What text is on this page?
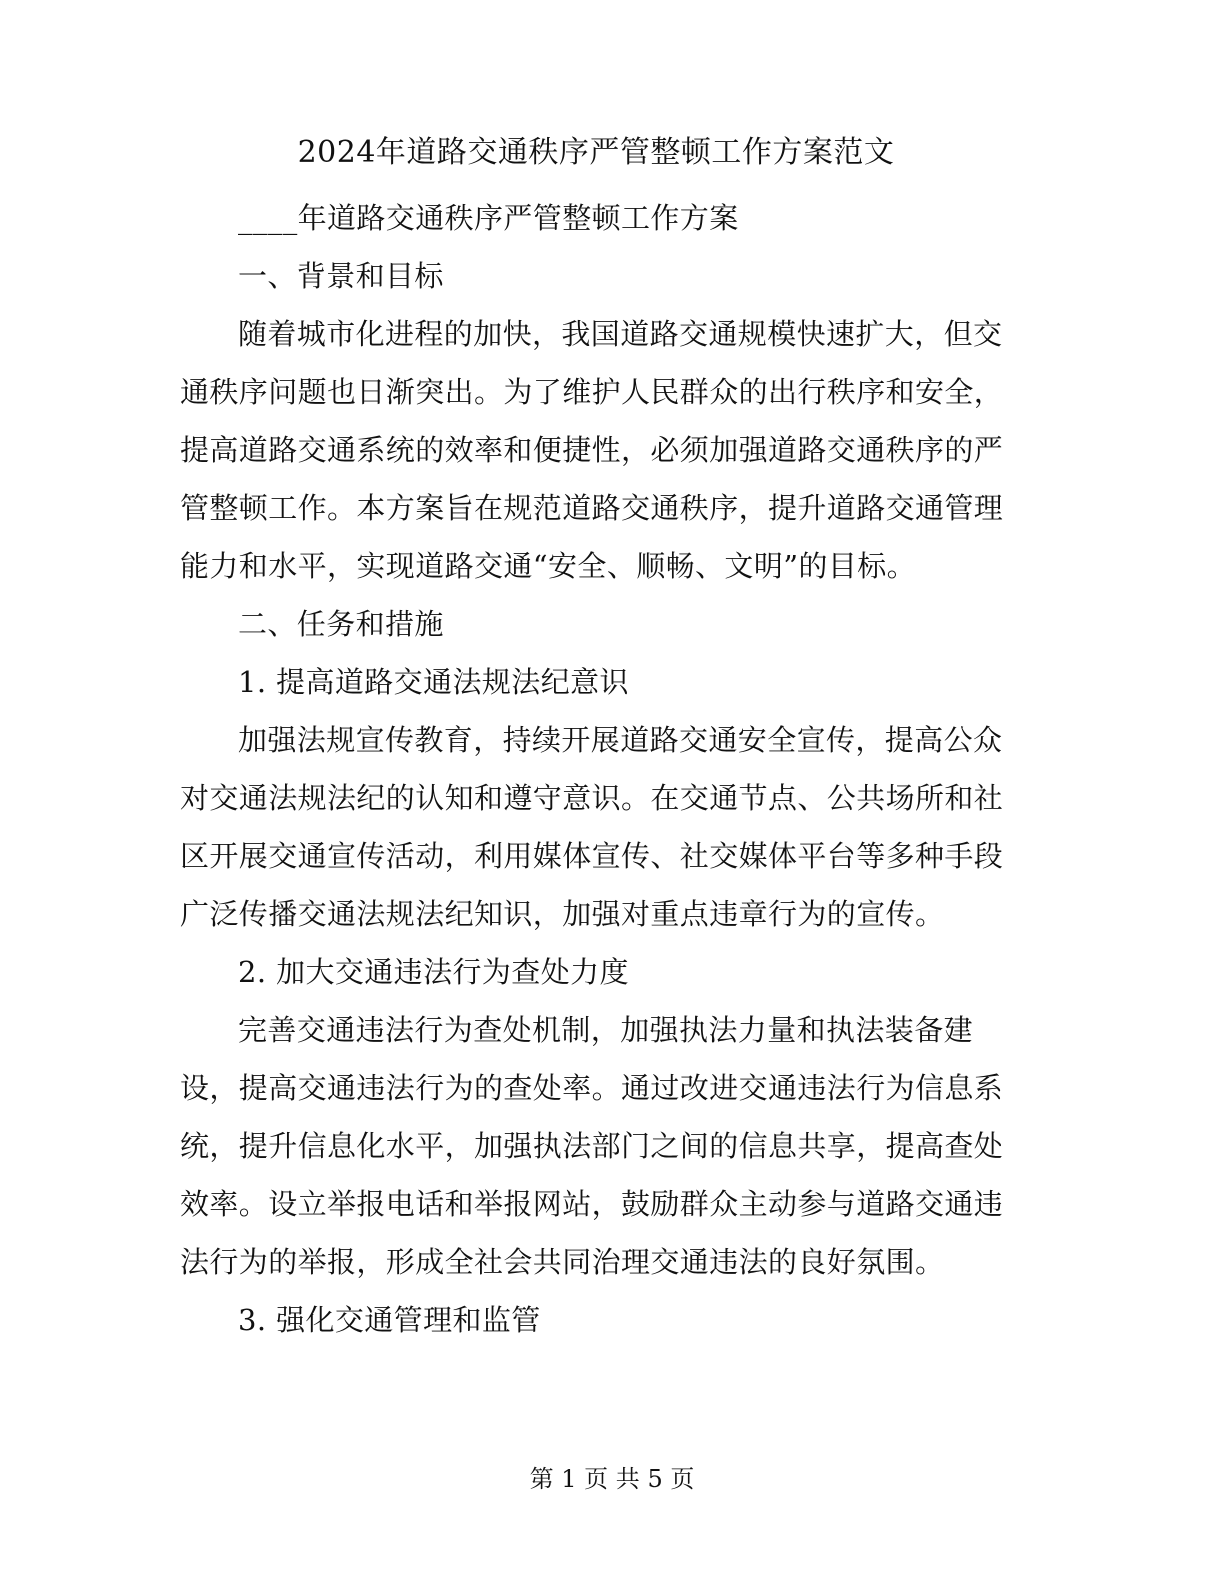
2024年道路交通秩序严管整顿工作方案范文
____年道路交通秩序严管整顿工作方案
一、背景和目标
随着城市化进程的加快，我国道路交通规模快速扩大，但交
通秩序问题也日渐突出。为了维护人民群众的出行秩序和安全，
提高道路交通系统的效率和便捷性，必须加强道路交通秩序的严
管整顿工作。本方案旨在规范道路交通秩序，提升道路交通管理
能力和水平，实现道路交通“安全、顺畅、文明”的目标。
二、任务和措施
1. 提高道路交通法规法纪意识
加强法规宣传教育，持续开展道路交通安全宣传，提高公众
对交通法规法纪的认知和遵守意识。在交通节点、公共场所和社
区开展交通宣传活动，利用媒体宣传、社交媒体平台等多种手段
广泛传播交通法规法纪知识，加强对重点违章行为的宣传。
2. 加大交通违法行为查处力度
完善交通违法行为查处机制，加强执法力量和执法装备建
设，提高交通违法行为的查处率。通过改进交通违法行为信息系
统，提升信息化水平，加强执法部门之间的信息共享，提高查处
效率。设立举报电话和举报网站，鼓励群众主动参与道路交通违
法行为的举报，形成全社会共同治理交通违法的良好氛围。
3. 强化交通管理和监管
第 1 页 共 5 页
